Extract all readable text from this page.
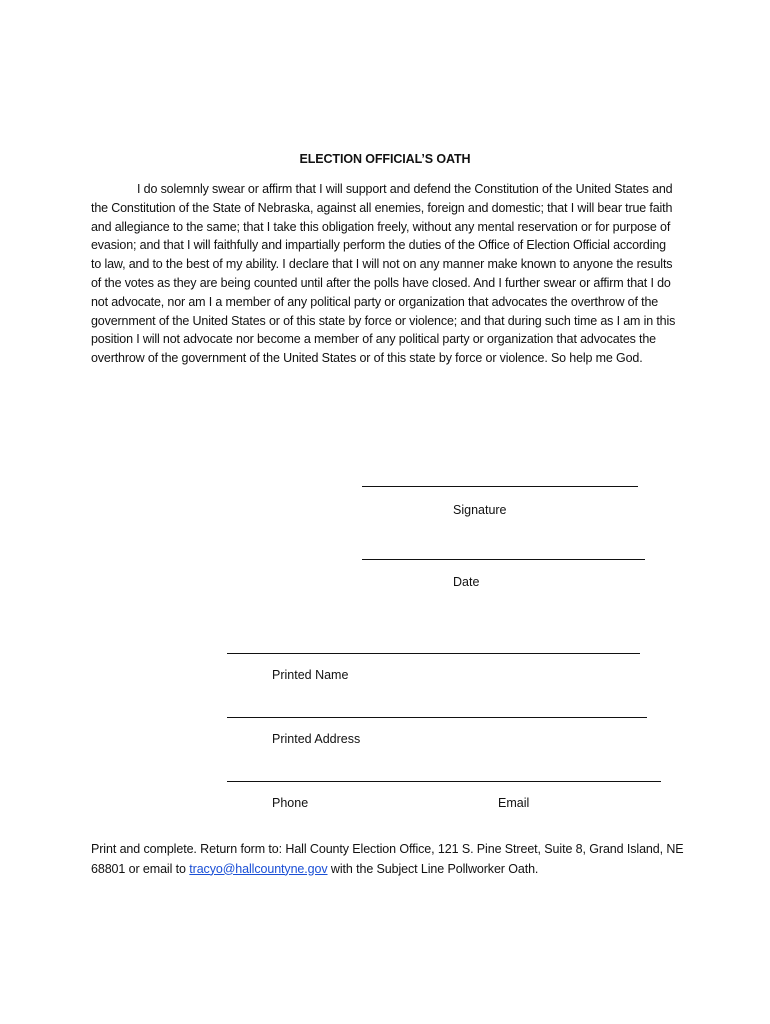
ELECTION OFFICIAL’S OATH

I do solemnly swear or affirm that I will support and defend the Constitution of the United States and the Constitution of the State of Nebraska, against all enemies, foreign and domestic; that I will bear true faith and allegiance to the same; that I take this obligation freely, without any mental reservation or for purpose of evasion; and that I will faithfully and impartially perform the duties of the Office of Election Official according to law, and to the best of my ability. I declare that I will not on any manner make known to anyone the results of the votes as they are being counted until after the polls have closed. And I further swear or affirm that I do not advocate, nor am I a member of any political party or organization that advocates the overthrow of the government of the United States or of this state by force or violence; and that during such time as I am in this position I will not advocate nor become a member of any political party or organization that advocates the overthrow of the government of the United States or of this state by force or violence. So help me God.

Signature
Date
Printed Name
Printed Address
Phone	Email

Print and complete. Return form to: Hall County Election Office, 121 S. Pine Street, Suite 8, Grand Island, NE 68801 or email to tracyo@hallcountyne.gov with the Subject Line Pollworker Oath.
